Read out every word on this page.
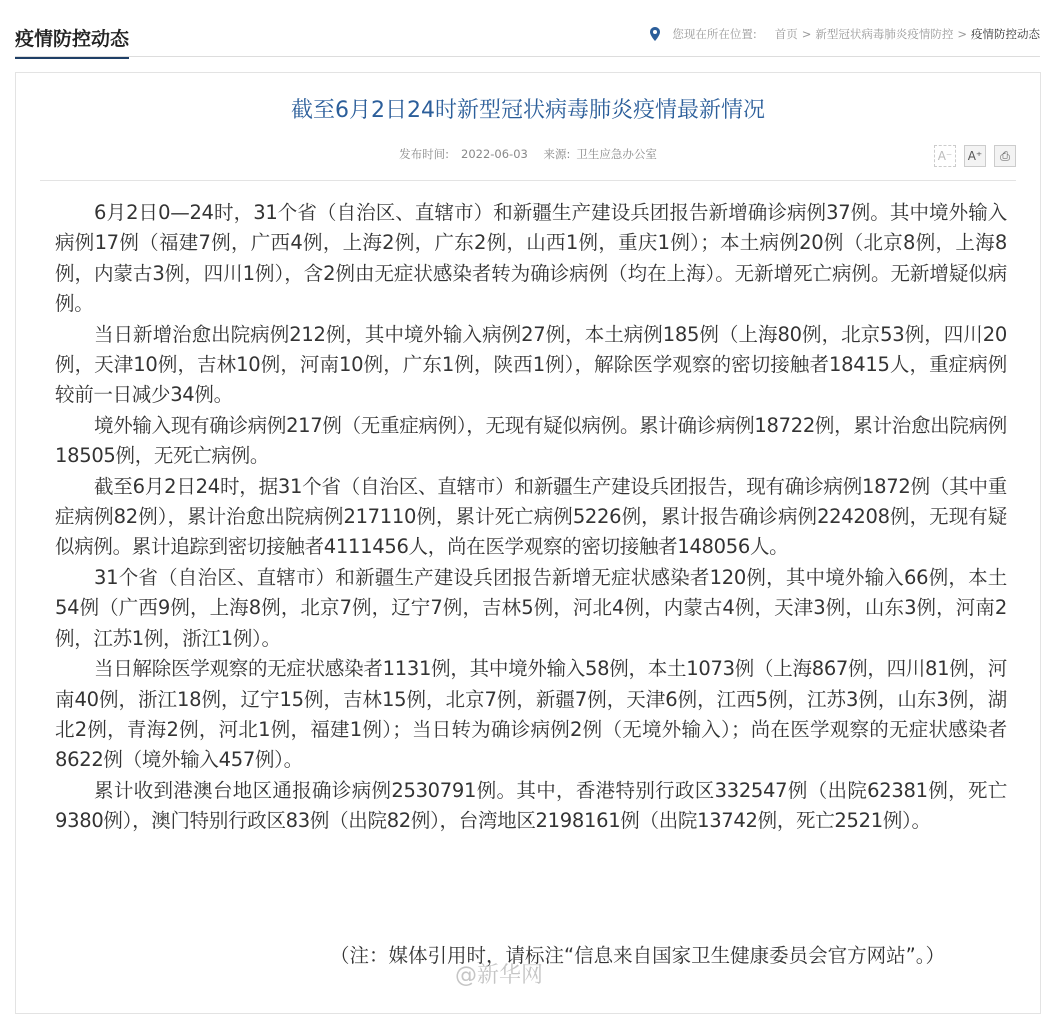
疫情防控动态	您现在所在位置: 首页 > 新型冠状病毒肺炎疫情防控 > 疫情防控动态
截至6月2日24时新型冠状病毒肺炎疫情最新情况
发布时间: 2022-06-03 来源: 卫生应急办公室	A⁻	A⁺	⎙

6月2日0—24时，31个省（自治区、直辖市）和新疆生产建设兵团报告新增确诊病例37例。其中境外输入病例17例（福建7例，广西4例，上海2例，广东2例，山西1例，重庆1例）；本土病例20例（北京8例，上海8例，内蒙古3例，四川1例），含2例由无症状感染者转为确诊病例（均在上海）。无新增死亡病例。无新增疑似病例。

当日新增治愈出院病例212例，其中境外输入病例27例，本土病例185例（上海80例，北京53例，四川20例，天津10例，吉林10例，河南10例，广东1例，陕西1例），解除医学观察的密切接触者18415人，重症病例较前一日减少34例。

境外输入现有确诊病例217例（无重症病例），无现有疑似病例。累计确诊病例18722例，累计治愈出院病例18505例，无死亡病例。

截至6月2日24时，据31个省（自治区、直辖市）和新疆生产建设兵团报告，现有确诊病例1872例（其中重症病例82例），累计治愈出院病例217110例，累计死亡病例5226例，累计报告确诊病例224208例，无现有疑似病例。累计追踪到密切接触者4111456人，尚在医学观察的密切接触者148056人。

31个省（自治区、直辖市）和新疆生产建设兵团报告新增无症状感染者120例，其中境外输入66例，本土54例（广西9例，上海8例，北京7例，辽宁7例，吉林5例，河北4例，内蒙古4例，天津3例，山东3例，河南2例，江苏1例，浙江1例）。

当日解除医学观察的无症状感染者1131例，其中境外输入58例，本土1073例（上海867例，四川81例，河南40例，浙江18例，辽宁15例，吉林15例，北京7例，新疆7例，天津6例，江西5例，江苏3例，山东3例，湖北2例，青海2例，河北1例，福建1例）；当日转为确诊病例2例（无境外输入）；尚在医学观察的无症状感染者8622例（境外输入457例）。

累计收到港澳台地区通报确诊病例2530791例。其中，香港特别行政区332547例（出院62381例，死亡9380例），澳门特别行政区83例（出院82例），台湾地区2198161例（出院13742例，死亡2521例）。

（注：媒体引用时，请标注“信息来自国家卫生健康委员会官方网站”。）
@新华网
